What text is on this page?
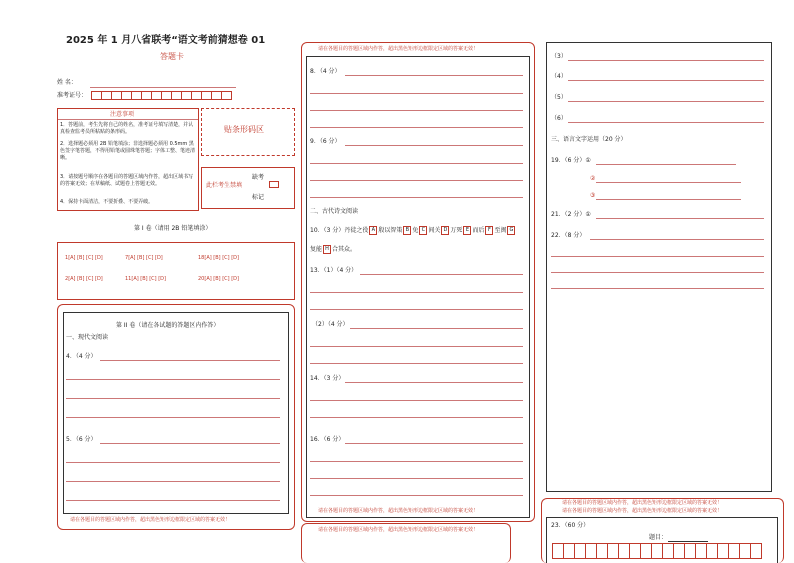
2025 年 1 月八省联考“语文考前猜想卷 01
答题卡
姓 名：
准考证号：
注意事项
1．答题前，考生先将自己的姓名，准考证号填写清楚，并认真检查监考员所粘贴的条形码。
2．选择题必须用 2B 铅笔填涂；非选择题必须用 0.5mm 黑色签字笔答题，不得用铅笔或圆珠笔答题；字体工整、笔迹清晰。
3．请按题号顺序在各题目的答题区域内作答，超出区域书写的答案无效；在草稿纸、试题卷上答题无效。
4．保持卡面清洁，不要折叠、不要弄破。
贴条形码区
此栏考生禁填
缺考
标记
第 I 卷（请用 2B 铅笔填涂）
1[A] [B] [C] [D]	7[A] [B] [C] [D]	18[A] [B] [C] [D]
2[A] [B] [C] [D]	11[A] [B] [C] [D]	20[A] [B] [C] [D]
第 II 卷（请在各试题的答题区内作答）
一、现代文阅读
4．（4 分）
5．（6 分）
请在各题目的答题区域内作答，超出黑色矩形边框限定区域的答案无效！
请在各题目的答题区域内作答，超出黑色矩形边框限定区域的答案无效！
8．（4 分）
9．（6 分）
二、古代诗文阅读
10．（3 分）丹徒之役 A 殷以智策 B 免 C 间关 D 万死 E 而后 F 至闽 G
复能 H 合其众。
13．（1）（4 分）
（2）（4 分）
14．（3 分）
16．（6 分）
请在各题目的答题区域内作答，超出黑色矩形边框限定区域的答案无效！
请在各题目的答题区域内作答，超出黑色矩形边框限定区域的答案无效！
（3）
（4）
（5）
（6）
三、语言文字运用（20 分）
19．（6 分）①
②
③
21．（2 分）①
22．（8 分）
请在各题目的答题区域内作答，超出黑色矩形边框限定区域的答案无效！
请在各题目的答题区域内作答，超出黑色矩形边框限定区域的答案无效！
23．（60 分）
题目：
